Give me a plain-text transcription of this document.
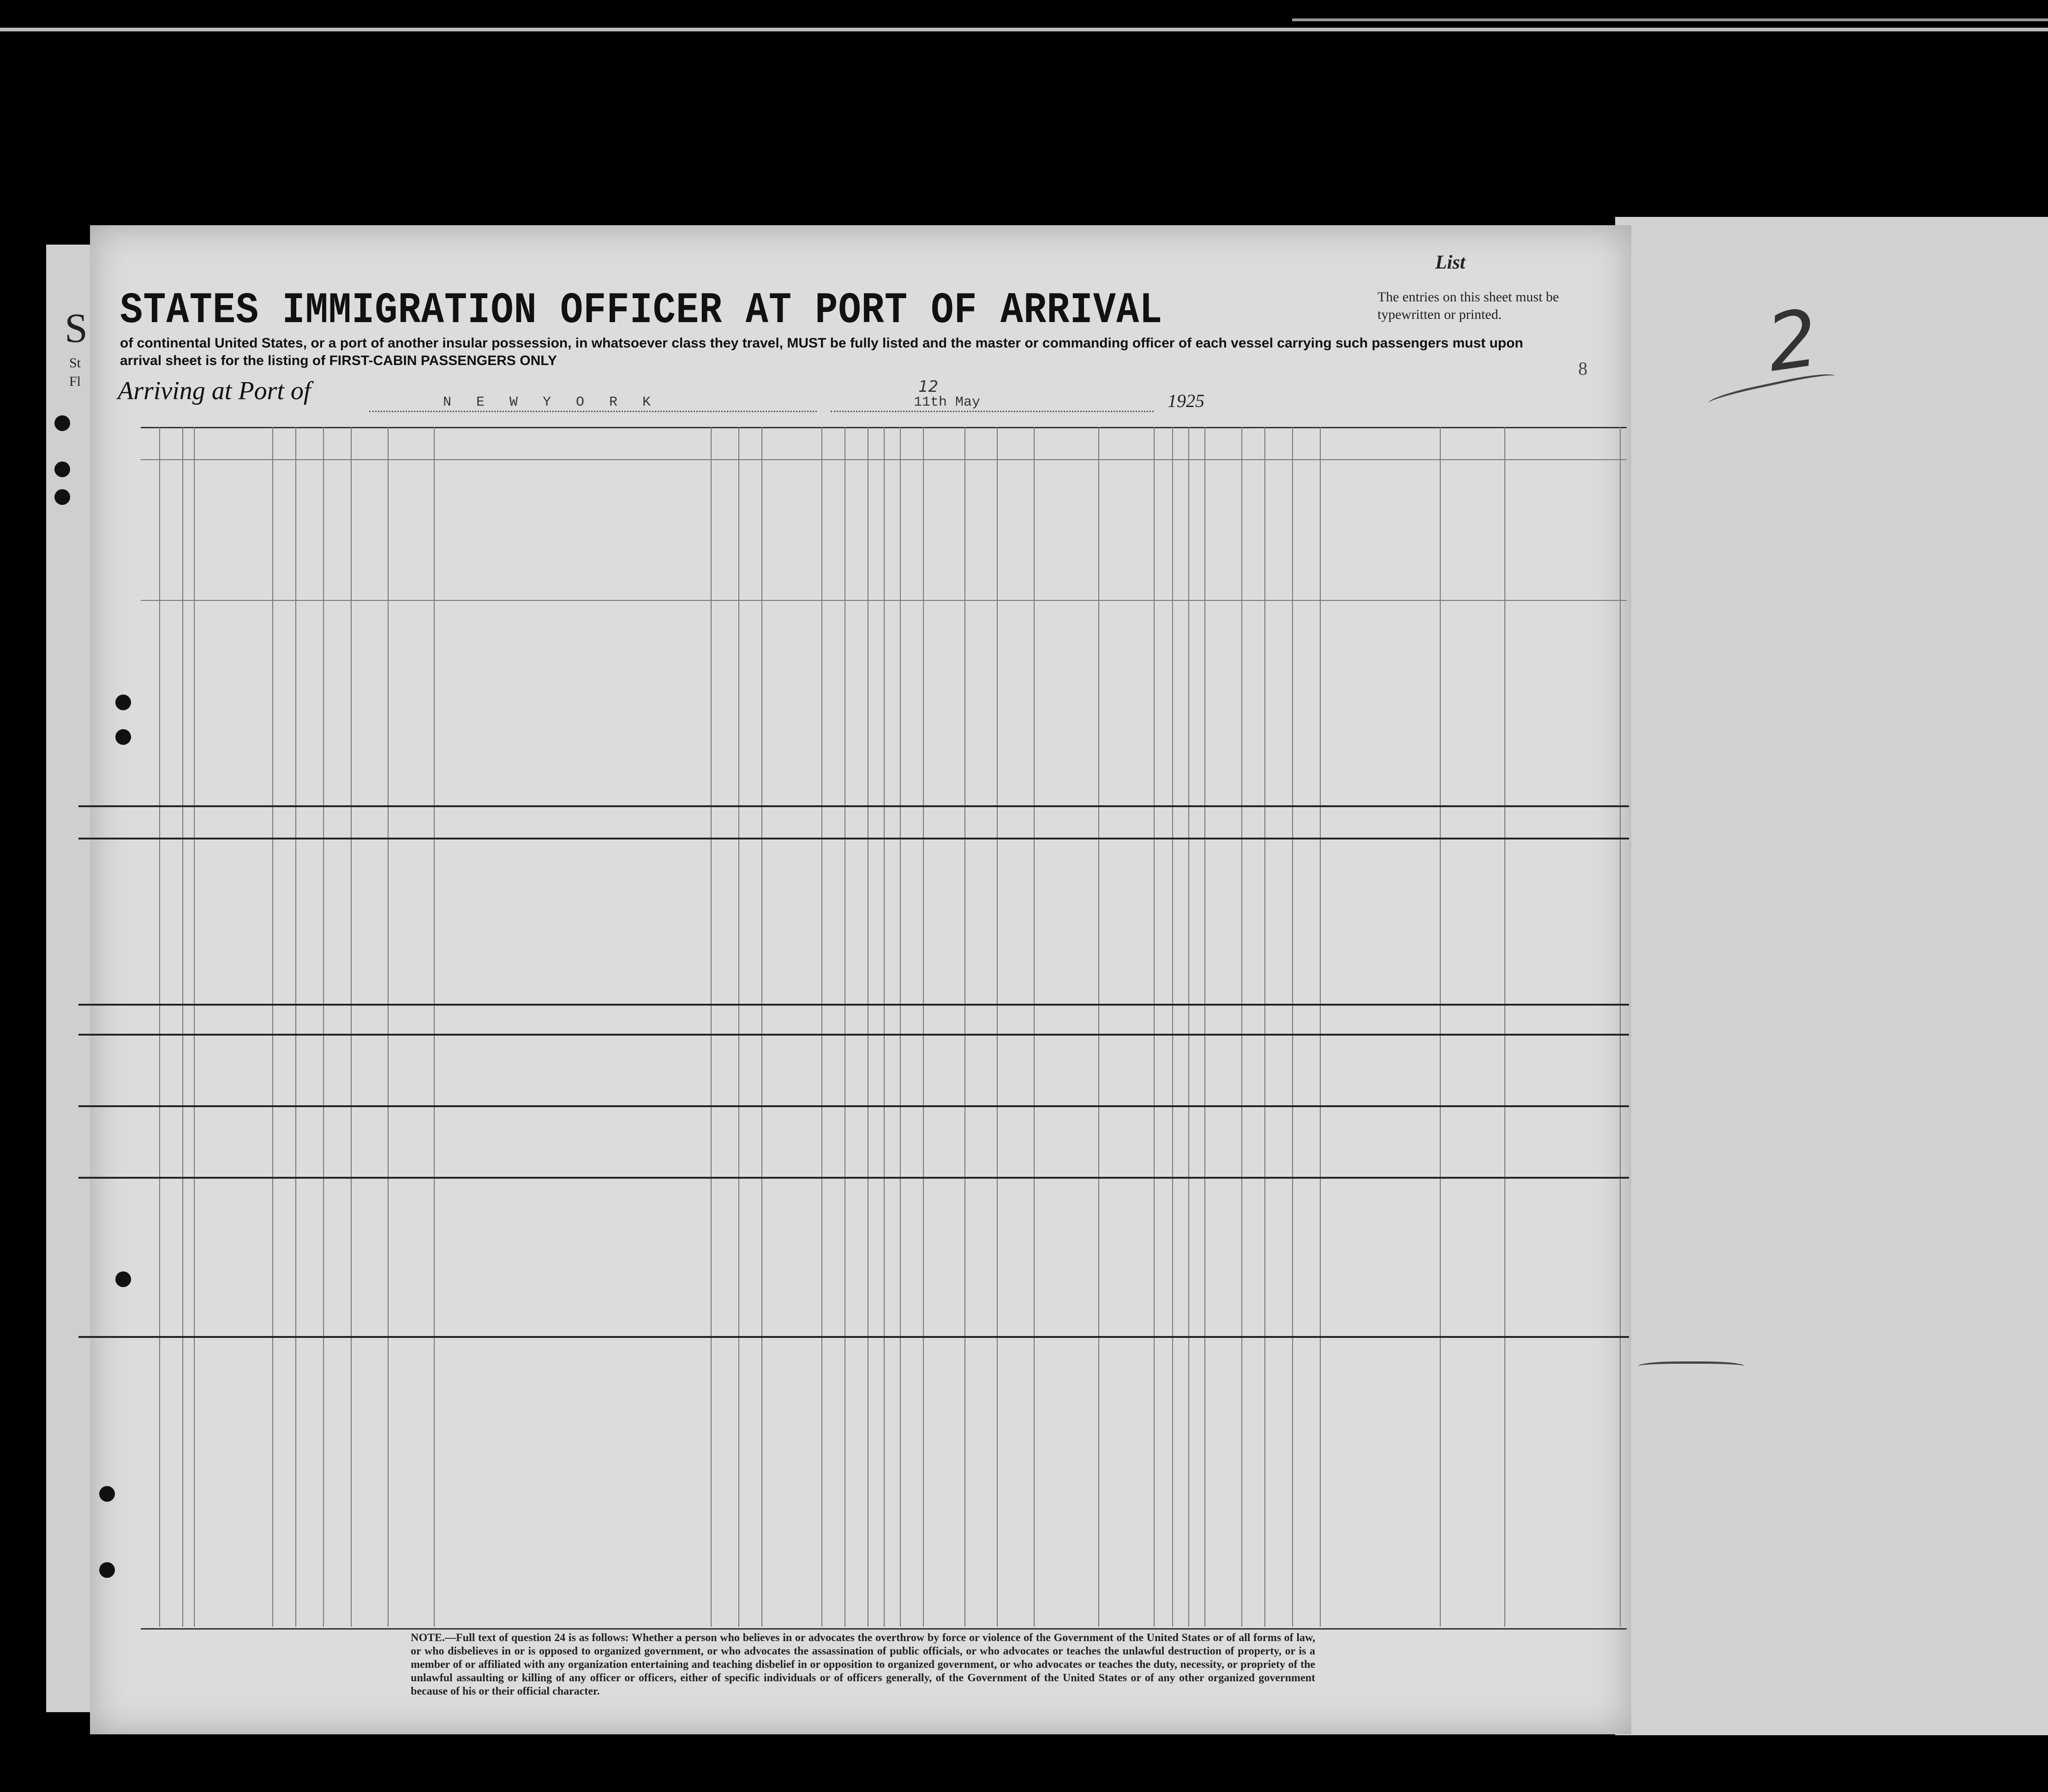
S
St
Fl
List
STATES IMMIGRATION OFFICER AT PORT OF ARRIVAL	The entries on this sheet must be typewritten or printed.	2
8
of continental United States, or a port of another insular possession, in whatsoever class they travel, MUST be fully listed and the master or commanding officer of each vessel carrying such passengers must upon arrival sheet is for the listing of FIRST-CABIN PASSENGERS ONLY
Arriving at Port of	N E W Y O R K
12
11th May	1925
NOTE.—Full text of question 24 is as follows: Whether a person who believes in or advocates the overthrow by force or violence of the Government of the United States or of all forms of law, or who disbelieves in or is opposed to organized government, or who advocates the assassination of public officials, or who advocates or teaches the unlawful destruction of property, or is a member of or affiliated with any organization entertaining and teaching disbelief in or opposition to organized government, or who advocates or teaches the duty, necessity, or propriety of the unlawful assaulting or killing of any officer or officers, either of specific individuals or of officers generally, of the Government of the United States or of any other organized government because of his or their official character.
